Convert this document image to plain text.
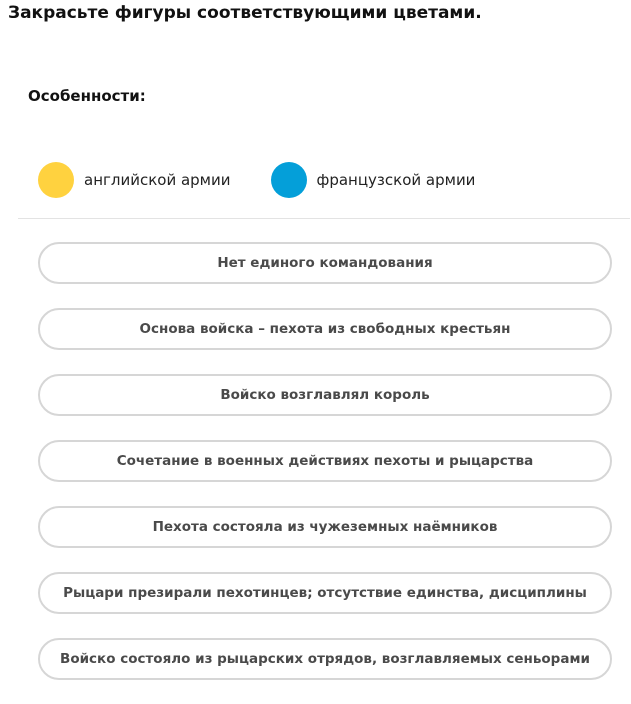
Закрасьте фигуры соответствующими цветами.
Особенности:
английской армии	французской армии
Нет единого командования
Основа войска – пехота из свободных крестьян
Войско возглавлял король
Сочетание в военных действиях пехоты и рыцарства
Пехота состояла из чужеземных наёмников
Рыцари презирали пехотинцев; отсутствие единства, дисциплины
Войско состояло из рыцарских отрядов, возглавляемых сеньорами
